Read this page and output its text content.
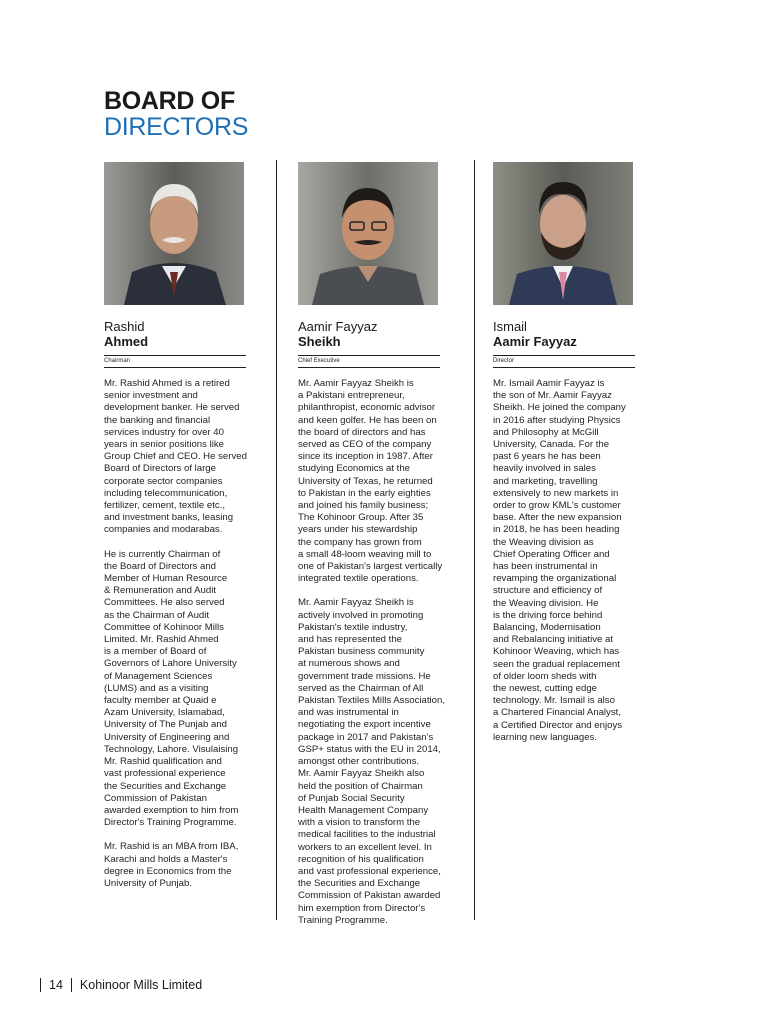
BOARD OF
DIRECTORS
Rashid
Ahmed
Chairman

Mr. Rashid Ahmed is a retired
senior investment and
development banker. He served
the banking and financial
services industry for over 40
years in senior positions like
Group Chief and CEO. He served
Board of Directors of large
corporate sector companies
including telecommunication,
fertilizer, cement, textile etc.,
and investment banks, leasing
companies and modarabas.

He is currently Chairman of
the Board of Directors and
Member of Human Resource
& Remuneration and Audit
Committees. He also served
as the Chairman of Audit
Committee of Kohinoor Mills
Limited. Mr. Rashid Ahmed
is a member of Board of
Governors of Lahore University
of Management Sciences
(LUMS) and as a visiting
faculty member at Quaid e
Azam University, Islamabad,
University of The Punjab and
University of Engineering and
Technology, Lahore. Visulaising
Mr. Rashid qualification and
vast professional experience
the Securities and Exchange
Commission of Pakistan
awarded exemption to him from
Director's Training Programme.

Mr. Rashid is an MBA from IBA,
Karachi and holds a Master's
degree in Economics from the
University of Punjab.

Aamir Fayyaz
Sheikh
Chief Executive

Mr. Aamir Fayyaz Sheikh is
a Pakistani entrepreneur,
philanthropist, economic advisor
and keen golfer. He has been on
the board of directors and has
served as CEO of the company
since its inception in 1987. After
studying Economics at the
University of Texas, he returned
to Pakistan in the early eighties
and joined his family business;
The Kohinoor Group. After 35
years under his stewardship
the company has grown from
a small 48-loom weaving mill to
one of Pakistan's largest vertically
integrated textile operations.

Mr. Aamir Fayyaz Sheikh is
actively involved in promoting
Pakistan's textile industry,
and has represented the
Pakistan business community
at numerous shows and
government trade missions. He
served as the Chairman of All
Pakistan Textiles Mills Association,
and was instrumental in
negotiating the export incentive
package in 2017 and Pakistan's
GSP+ status with the EU in 2014,
amongst other contributions.
Mr. Aamir Fayyaz Sheikh also
held the position of Chairman
of Punjab Social Security
Health Management Company
with a vision to transform the
medical facilities to the industrial
workers to an excellent level. In
recognition of his qualification
and vast professional experience,
the Securities and Exchange
Commission of Pakistan awarded
him exemption from Director's
Training Programme.

Ismail
Aamir Fayyaz
Director

Mr. Ismail Aamir Fayyaz is
the son of Mr. Aamir Fayyaz
Sheikh. He joined the company
in 2016 after studying Physics
and Philosophy at McGill
University, Canada. For the
past 6 years he has been
heavily involved in sales
and marketing, travelling
extensively to new markets in
order to grow KML's customer
base. After the new expansion
in 2018, he has been heading
the Weaving division as
Chief Operating Officer and
has been instrumental in
revamping the organizational
structure and efficiency of
the Weaving division. He
is the driving force behind
Balancing, Modernisation
and Rebalancing initiative at
Kohinoor Weaving, which has
seen the gradual replacement
of older loom sheds with
the newest, cutting edge
technology. Mr. Ismail is also
a Chartered Financial Analyst,
a Certified Director and enjoys
learning new languages.

14 Kohinoor Mills Limited
